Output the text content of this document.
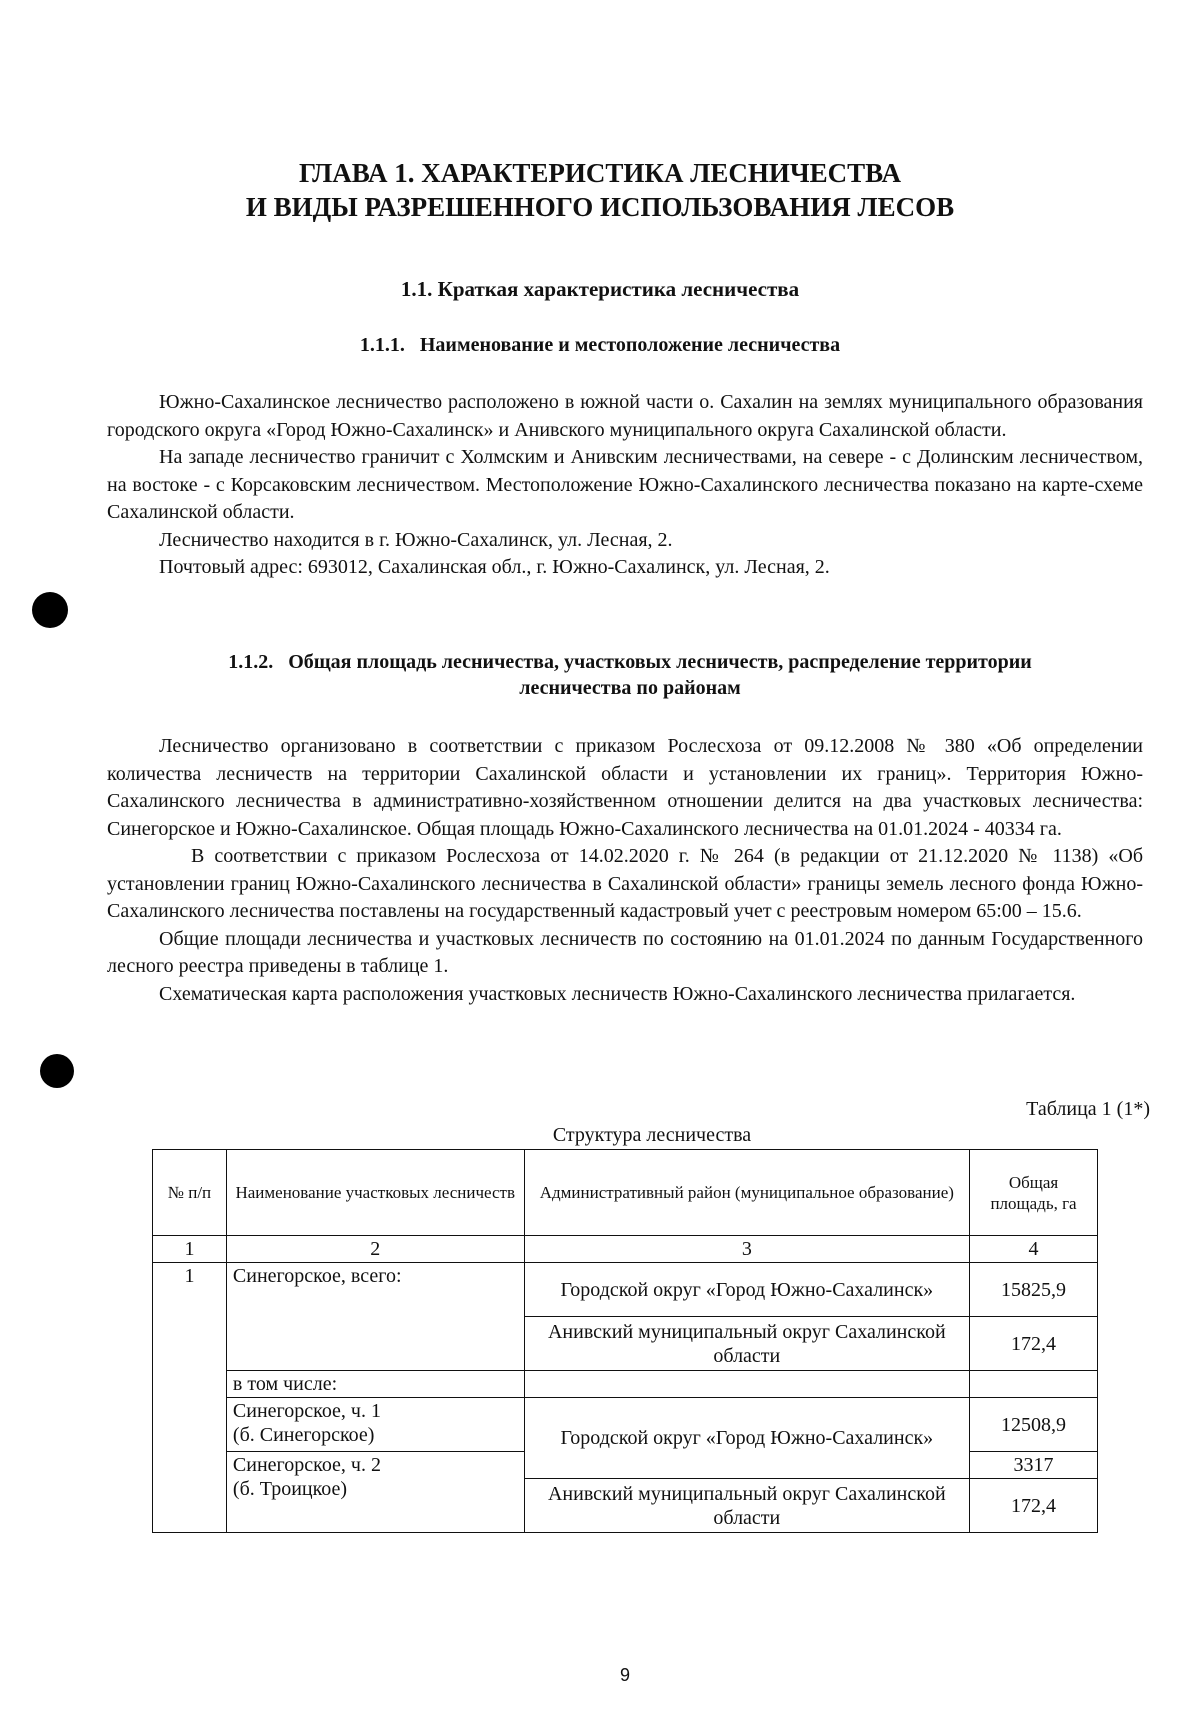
ГЛАВА 1. ХАРАКТЕРИСТИКА ЛЕСНИЧЕСТВА
И ВИДЫ РАЗРЕШЕННОГО ИСПОЛЬЗОВАНИЯ ЛЕСОВ
1.1. Краткая характеристика лесничества
1.1.1. Наименование и местоположение лесничества

Южно-Сахалинское лесничество расположено в южной части о. Сахалин на землях муниципального образования городского округа «Город Южно-Сахалинск» и Анивского муниципального округа Сахалинской области.

На западе лесничество граничит с Холмским и Анивским лесничествами, на севере - с Долинским лесничеством, на востоке - с Корсаковским лесничеством. Местоположение Южно-Сахалинского лесничества показано на карте-схеме Сахалинской области.

Лесничество находится в г. Южно-Сахалинск, ул. Лесная, 2.

Почтовый адрес: 693012, Сахалинская обл., г. Южно-Сахалинск, ул. Лесная, 2.

1.1.2. Общая площадь лесничества, участковых лесничеств, распределение территории
лесничества по районам

Лесничество организовано в соответствии с приказом Рослесхоза от 09.12.2008 № 380 «Об определении количества лесничеств на территории Сахалинской области и установлении их границ». Территория Южно-Сахалинского лесничества в административно-хозяйственном отношении делится на два участковых лесничества: Синегорское и Южно-Сахалинское. Общая площадь Южно-Сахалинского лесничества на 01.01.2024 - 40334 га.

В соответствии с приказом Рослесхоза от 14.02.2020 г. № 264 (в редакции от 21.12.2020 № 1138) «Об установлении границ Южно-Сахалинского лесничества в Сахалинской области» границы земель лесного фонда Южно-Сахалинского лесничества поставлены на государственный кадастровый учет с реестровым номером 65:00 – 15.6.

Общие площади лесничества и участковых лесничеств по состоянию на 01.01.2024 по данным Государственного лесного реестра приведены в таблице 1.

Схематическая карта расположения участковых лесничеств Южно-Сахалинского лесничества прилагается.

Таблица 1 (1*)
Структура лесничества
№ п/п	Наименование участковых лесничеств	Административный район (муниципальное образование)	Общая площадь, га
1	2	3	4
1	Синегорское, всего:	Городской округ «Город Южно-Сахалинск»	15825,9
		Анивский муниципальный округ Сахалинской области	172,4
	в том числе:		

	Синегорское, ч. 1
(б. Синегорское)	Городской округ «Город Южно-Сахалинск»	12508,9

	Синегорское, ч. 2
(б. Троицкое)		3317
		Анивский муниципальный округ Сахалинской области	172,4
9
